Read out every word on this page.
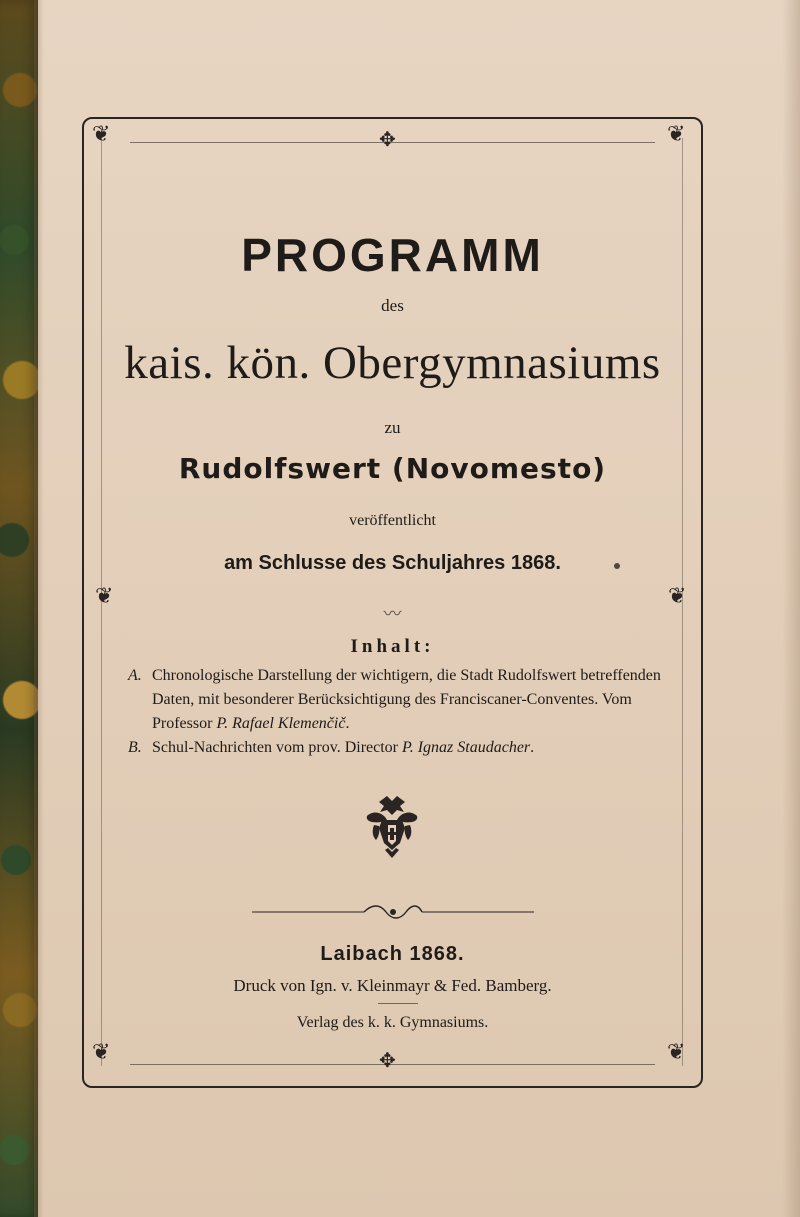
❦	❦
❦	❦
✥
✥
❦	❦
PROGRAMM
des
kais. kön. Obergymnasiums
zu
Rudolfswert (Novomesto)
veröffentlicht
am Schlusse des Schuljahres 1868.
〰
Inhalt:
A. Chronologische Darstellung der wichtigern, die Stadt Rudolfswert betreffenden Daten, mit besonderer Berücksichtigung des Franciscaner-Conventes. Vom Professor P. Rafael Klemenčič.
B. Schul-Nachrichten vom prov. Director P. Ignaz Staudacher.
Laibach 1868.
Druck von Ign. v. Kleinmayr & Fed. Bamberg.
Verlag des k. k. Gymnasiums.
